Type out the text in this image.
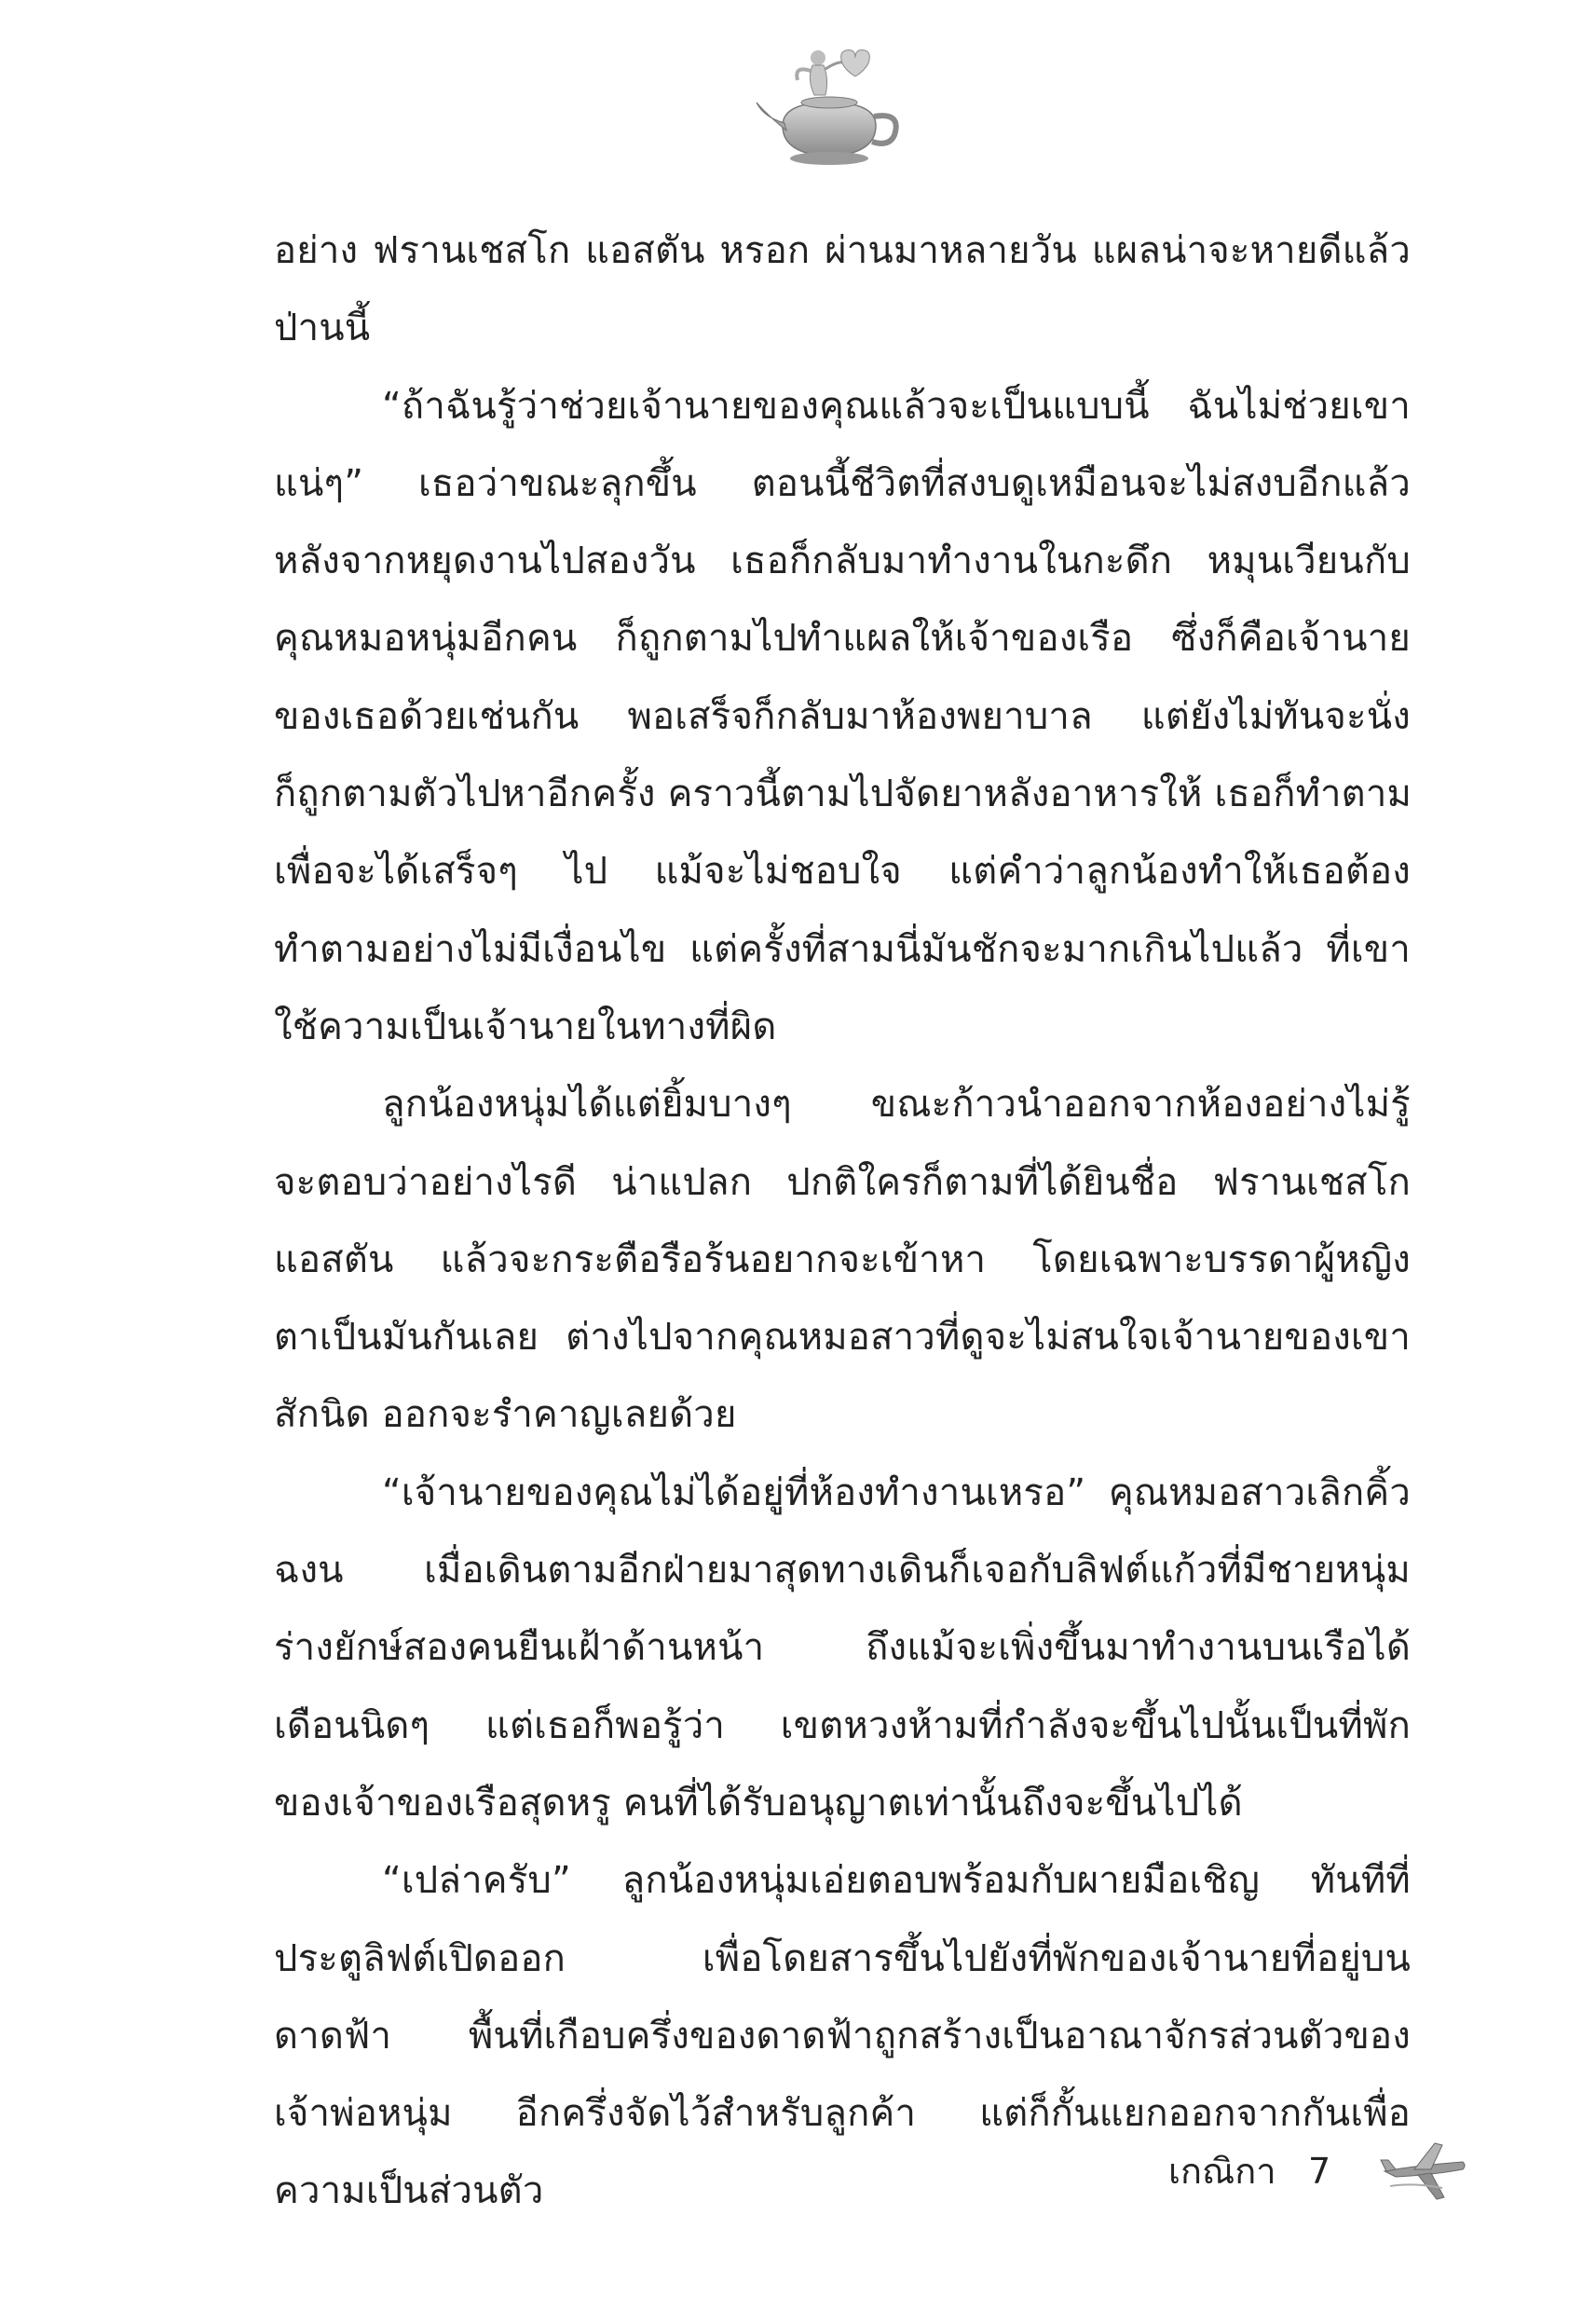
อย่าง ฟรานเชสโก แอสตัน หรอก ผ่านมาหลายวัน แผลน่าจะหายดีแล้ว
ป่านนี้
“ถ้าฉันรู้ว่าช่วยเจ้านายของคุณแล้วจะเป็นแบบนี้ ฉันไม่ช่วยเขา
แน่ๆ” เธอว่าขณะลุกขึ้น ตอนนี้ชีวิตที่สงบดูเหมือนจะไม่สงบอีกแล้ว
หลังจากหยุดงานไปสองวัน เธอก็กลับมาทำงานในกะดึก หมุนเวียนกับ
คุณหมอหนุ่มอีกคน ก็ถูกตามไปทำแผลให้เจ้าของเรือ ซึ่งก็คือเจ้านาย
ของเธอด้วยเช่นกัน พอเสร็จก็กลับมาห้องพยาบาล แต่ยังไม่ทันจะนั่ง
ก็ถูกตามตัวไปหาอีกครั้ง คราวนี้ตามไปจัดยาหลังอาหารให้ เธอก็ทำตาม
เพื่อจะได้เสร็จๆ ไป แม้จะไม่ชอบใจ แต่คำว่าลูกน้องทำให้เธอต้อง
ทำตามอย่างไม่มีเงื่อนไข แต่ครั้งที่สามนี่มันชักจะมากเกินไปแล้ว ที่เขา
ใช้ความเป็นเจ้านายในทางที่ผิด
ลูกน้องหนุ่มได้แต่ยิ้มบางๆ ขณะก้าวนำออกจากห้องอย่างไม่รู้
จะตอบว่าอย่างไรดี น่าแปลก ปกติใครก็ตามที่ได้ยินชื่อ ฟรานเชสโก
แอสตัน แล้วจะกระตือรือร้นอยากจะเข้าหา โดยเฉพาะบรรดาผู้หญิง
ตาเป็นมันกันเลย ต่างไปจากคุณหมอสาวที่ดูจะไม่สนใจเจ้านายของเขา
สักนิด ออกจะรำคาญเลยด้วย
“เจ้านายของคุณไม่ได้อยู่ที่ห้องทำงานเหรอ” คุณหมอสาวเลิกคิ้ว
ฉงน เมื่อเดินตามอีกฝ่ายมาสุดทางเดินก็เจอกับลิฟต์แก้วที่มีชายหนุ่ม
ร่างยักษ์สองคนยืนเฝ้าด้านหน้า ถึงแม้จะเพิ่งขึ้นมาทำงานบนเรือได้
เดือนนิดๆ แต่เธอก็พอรู้ว่า เขตหวงห้ามที่กำลังจะขึ้นไปนั้นเป็นที่พัก
ของเจ้าของเรือสุดหรู คนที่ได้รับอนุญาตเท่านั้นถึงจะขึ้นไปได้
“เปล่าครับ” ลูกน้องหนุ่มเอ่ยตอบพร้อมกับผายมือเชิญ ทันทีที่
ประตูลิฟต์เปิดออก เพื่อโดยสารขึ้นไปยังที่พักของเจ้านายที่อยู่บน
ดาดฟ้า พื้นที่เกือบครึ่งของดาดฟ้าถูกสร้างเป็นอาณาจักรส่วนตัวของ
เจ้าพ่อหนุ่ม อีกครึ่งจัดไว้สำหรับลูกค้า แต่ก็กั้นแยกออกจากกันเพื่อ
ความเป็นส่วนตัว	เกณิกา 7
